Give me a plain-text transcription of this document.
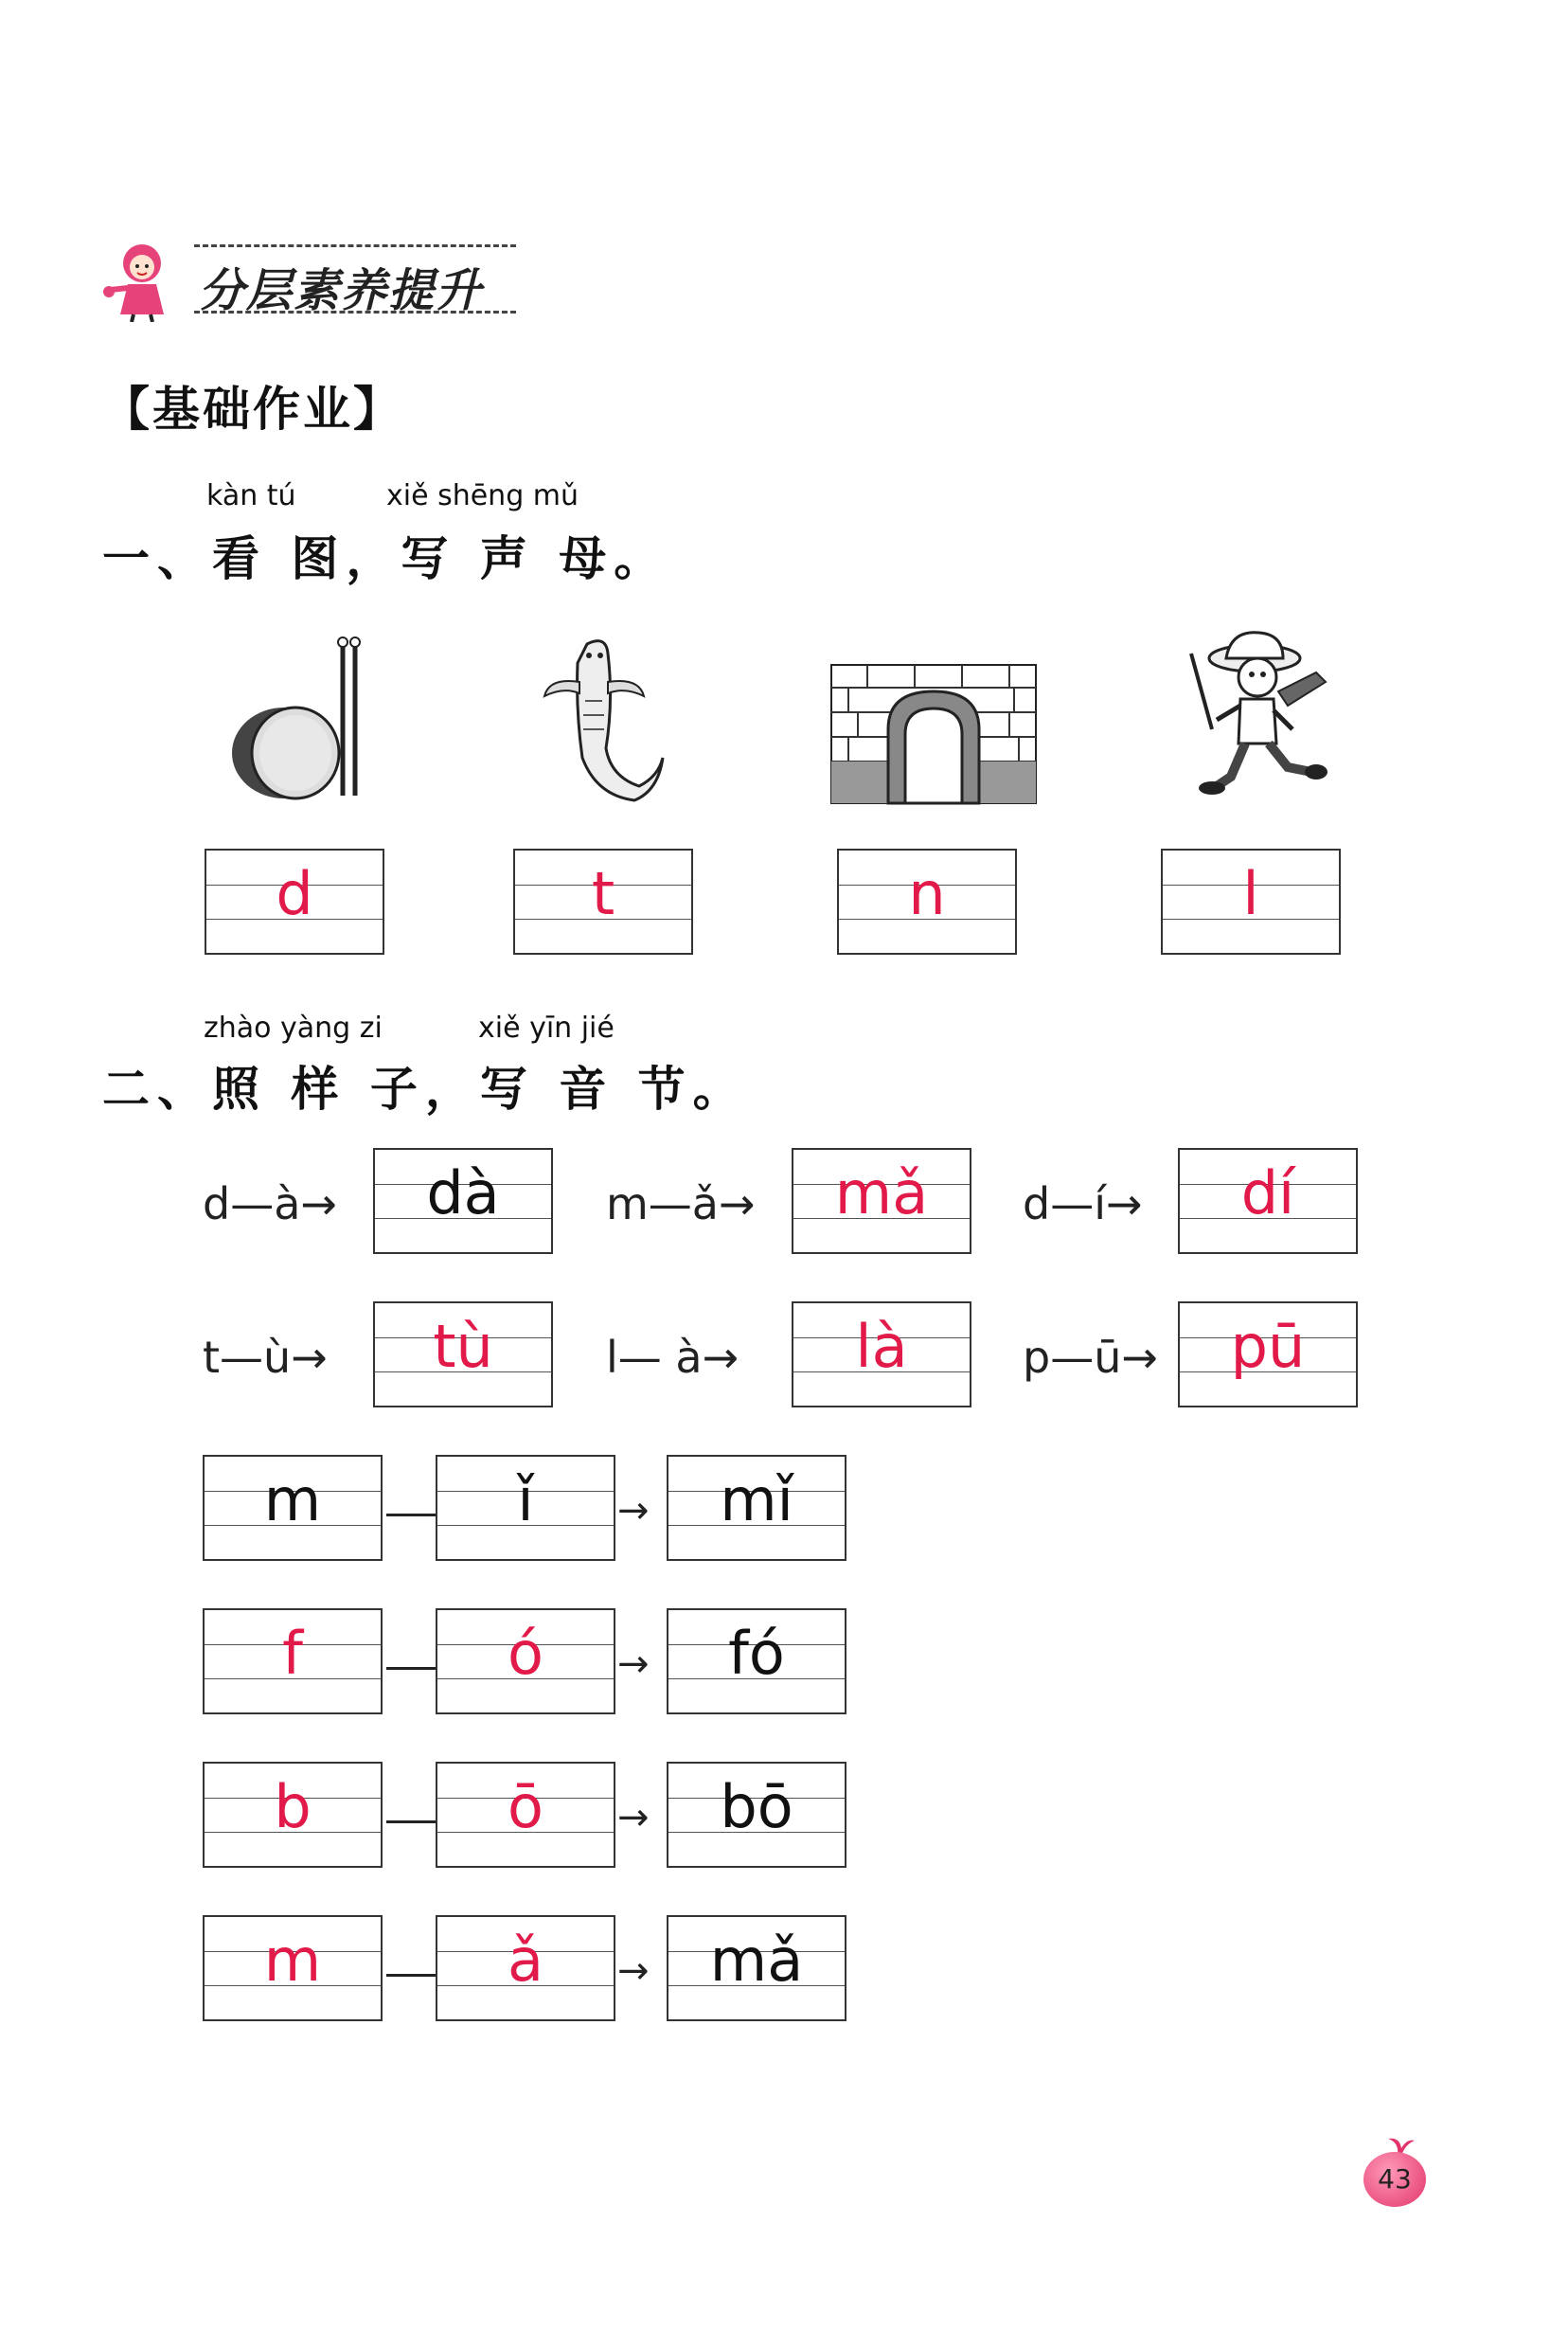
分层素养提升
【基础作业】
kàn tú	xiě shēng mǔ
一、看 图，写 声 母。
d	t	n	l
zhào yàng zi	xiě yīn jié
二、照 样 子，写 音 节。
d—à→	dà	m—ǎ→	mǎ	d—í→	dí
t—ù→	tù	l— à→	là	p—ū→	pū
m	ǐ	→	mǐ
f	ó	→	fó
b	ō	→	bō
m	ǎ	→	mǎ
43
